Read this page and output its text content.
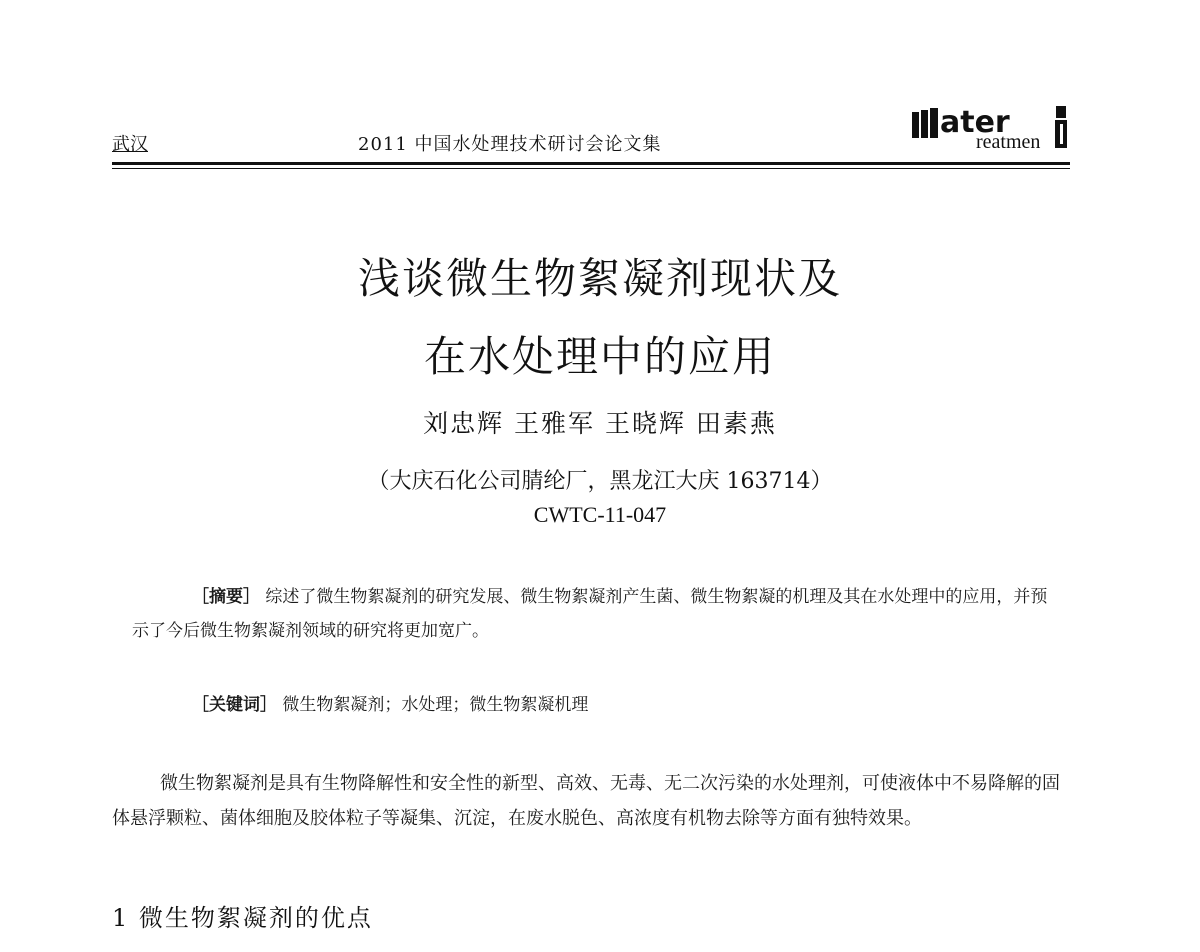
武汉	2011 中国水处理技术研讨会论文集
ater
reatmen
浅谈微生物絮凝剂现状及
在水处理中的应用
刘忠辉 王雅军 王晓辉 田素燕
（大庆石化公司腈纶厂，黑龙江大庆 163714）
CWTC-11-047
［摘要］ 综述了微生物絮凝剂的研究发展、微生物絮凝剂产生菌、微生物絮凝的机理及其在水处理中的应用，并预示了今后微生物絮凝剂领域的研究将更加宽广。
［关键词］ 微生物絮凝剂；水处理；微生物絮凝机理
微生物絮凝剂是具有生物降解性和安全性的新型、高效、无毒、无二次污染的水处理剂，可使液体中不易降解的固体悬浮颗粒、菌体细胞及胶体粒子等凝集、沉淀，在废水脱色、高浓度有机物去除等方面有独特效果。
1 微生物絮凝剂的优点
